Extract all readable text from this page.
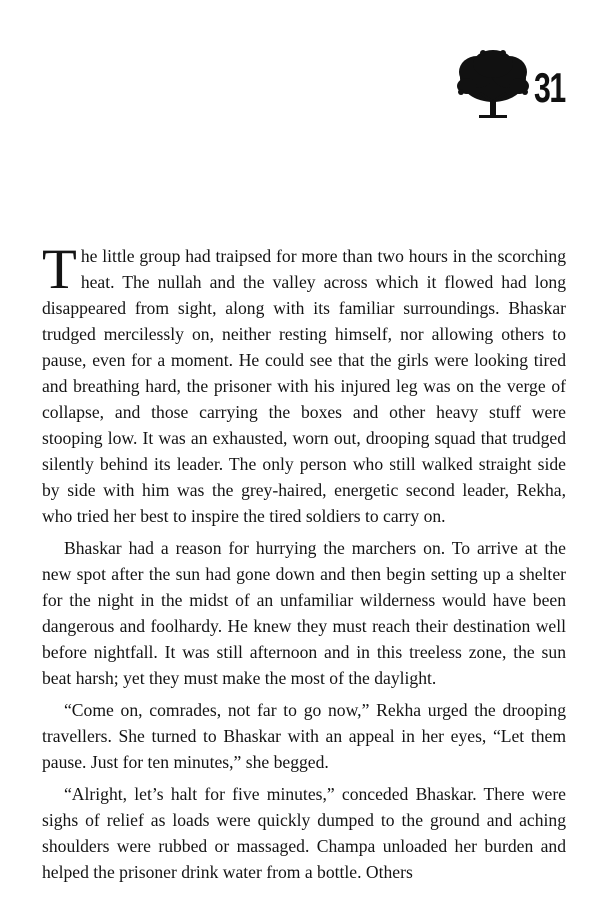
31

The little group had traipsed for more than two hours in the scorching heat. The nullah and the valley across which it flowed had long disappeared from sight, along with its familiar surroundings. Bhaskar trudged mercilessly on, neither resting himself, nor allowing others to pause, even for a moment. He could see that the girls were looking tired and breathing hard, the prisoner with his injured leg was on the verge of collapse, and those carrying the boxes and other heavy stuff were stooping low. It was an exhausted, worn out, drooping squad that trudged silently behind its leader. The only person who still walked straight side by side with him was the grey-haired, energetic second leader, Rekha, who tried her best to inspire the tired soldiers to carry on.

Bhaskar had a reason for hurrying the marchers on. To arrive at the new spot after the sun had gone down and then begin setting up a shelter for the night in the midst of an unfamiliar wilderness would have been dangerous and foolhardy. He knew they must reach their destination well before nightfall. It was still afternoon and in this treeless zone, the sun beat harsh; yet they must make the most of the daylight.

“Come on, comrades, not far to go now,” Rekha urged the drooping travellers. She turned to Bhaskar with an appeal in her eyes, “Let them pause. Just for ten minutes,” she begged.

“Alright, let’s halt for five minutes,” conceded Bhaskar. There were sighs of relief as loads were quickly dumped to the ground and aching shoulders were rubbed or massaged. Champa unloaded her burden and helped the prisoner drink water from a bottle. Others
